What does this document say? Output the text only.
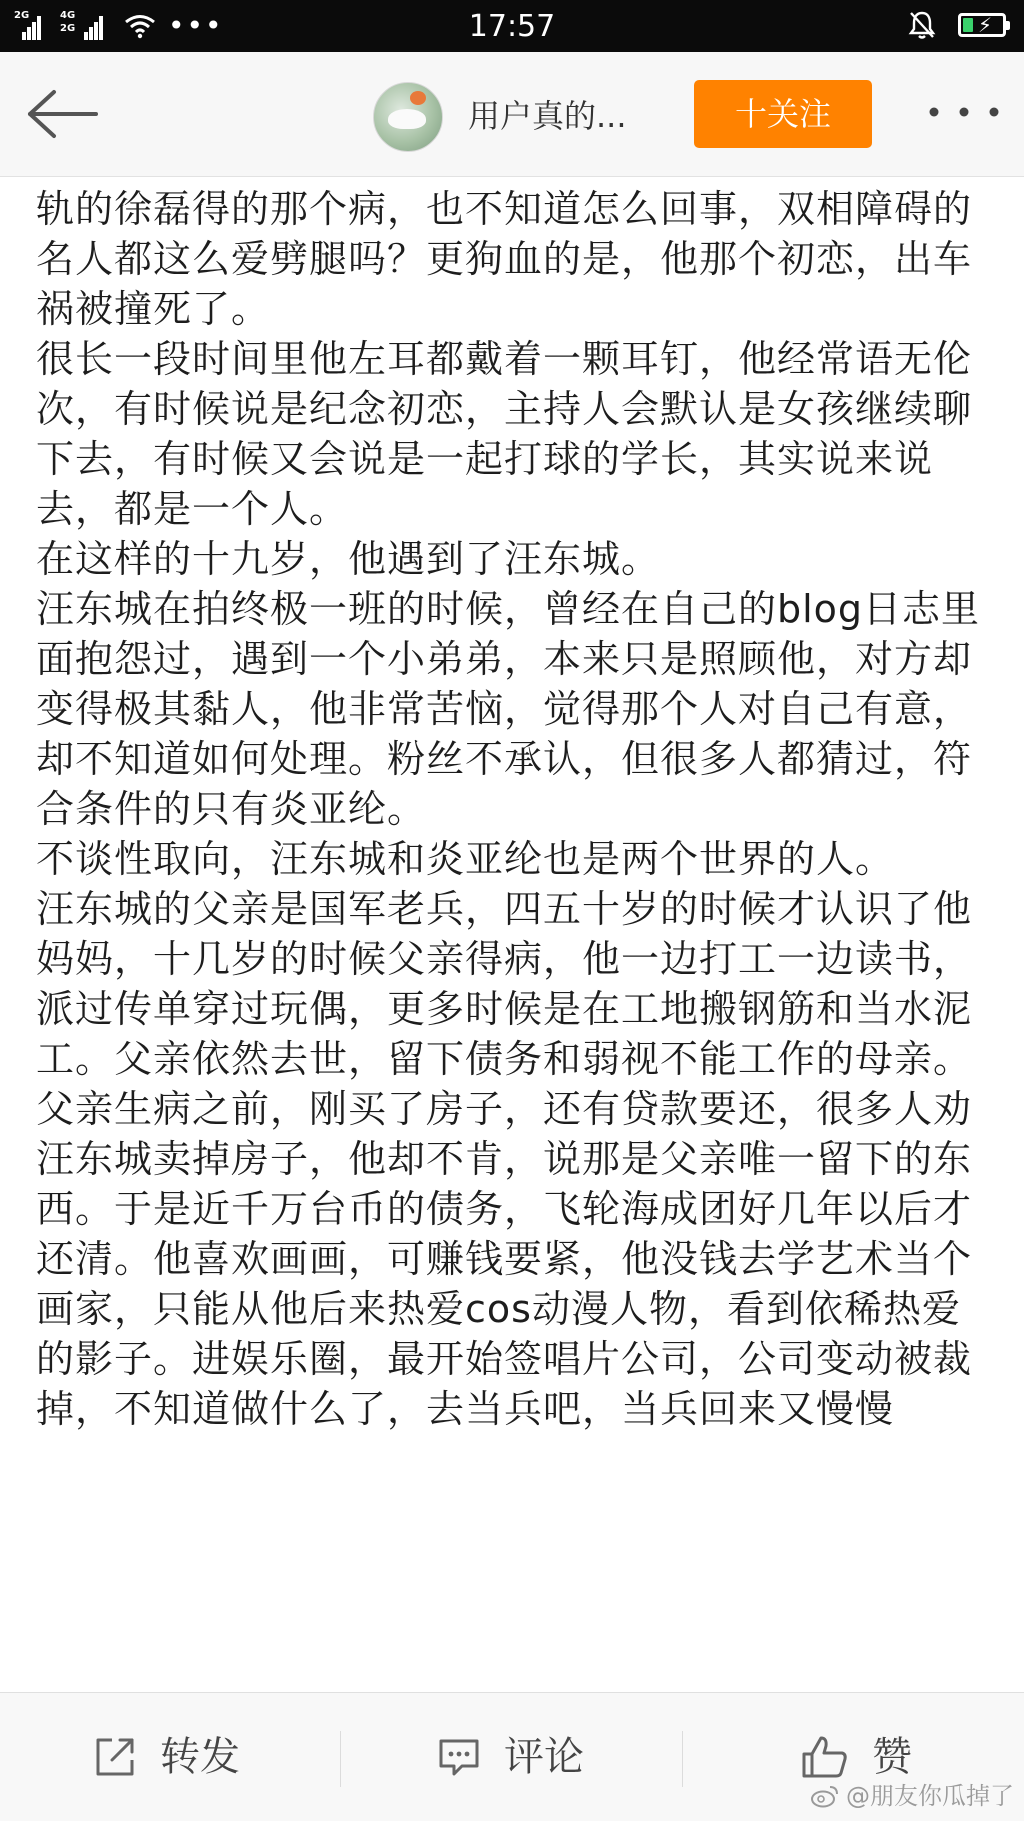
2G	4G
2G	•••	17:57	⚡
用户真的...	十关注

轨的徐磊得的那个病，也不知道怎么回事，双相障碍的名人都这么爱劈腿吗？更狗血的是，他那个初恋，出车祸被撞死了。

很长一段时间里他左耳都戴着一颗耳钉，他经常语无伦次，有时候说是纪念初恋，主持人会默认是女孩继续聊下去，有时候又会说是一起打球的学长，其实说来说去，都是一个人。

在这样的十九岁，他遇到了汪东城。

汪东城在拍终极一班的时候，曾经在自己的blog日志里面抱怨过，遇到一个小弟弟，本来只是照顾他，对方却变得极其黏人，他非常苦恼，觉得那个人对自己有意，却不知道如何处理。粉丝不承认，但很多人都猜过，符合条件的只有炎亚纶。

不谈性取向，汪东城和炎亚纶也是两个世界的人。

汪东城的父亲是国军老兵，四五十岁的时候才认识了他妈妈，十几岁的时候父亲得病，他一边打工一边读书，派过传单穿过玩偶，更多时候是在工地搬钢筋和当水泥工。父亲依然去世，留下债务和弱视不能工作的母亲。父亲生病之前，刚买了房子，还有贷款要还，很多人劝汪东城卖掉房子，他却不肯，说那是父亲唯一留下的东西。于是近千万台币的债务，飞轮海成团好几年以后才还清。他喜欢画画，可赚钱要紧，他没钱去学艺术当个画家，只能从他后来热爱cos动漫人物，看到依稀热爱的影子。进娱乐圈，最开始签唱片公司，公司变动被裁掉，不知道做什么了，去当兵吧，当兵回来又慢慢

转发	评论	赞
@朋友你瓜掉了
